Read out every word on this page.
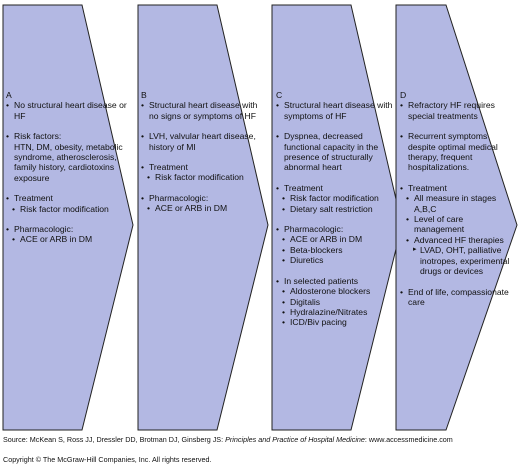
A

• No structural heart disease or HF

• Risk factors:

HTN, DM, obesity, metabolic syndrome, atherosclerosis, family history, cardiotoxins exposure

• Treatment

• Risk factor modification

• Pharmacologic:

• ACE or ARB in DM

B

• Structural heart disease with no signs or symptoms of HF

• LVH, valvular heart disease, history of MI

• Treatment

• Risk factor modification

• Pharmacologic:

• ACE or ARB in DM

C

• Structural heart disease with symptoms of HF

• Dyspnea, decreased functional capacity in the presence of structurally abnormal heart

• Treatment

• Risk factor modification

• Dietary salt restriction

• Pharmacologic:

• ACE or ARB in DM

• Beta-blockers

• Diuretics

• In selected patients

• Aldosterone blockers

• Digitalis

• Hydralazine/Nitrates

• ICD/Biv pacing

D

• Refractory HF requires special treatments

• Recurrent symptoms despite optimal medical therapy, frequent hospitalizations.

• Treatment

• All measure in stages A,B,C

• Level of care management

• Advanced HF therapies

▸ LVAD, OHT, palliative inotropes, experimental drugs or devices

• End of life, compassionate care

Source: McKean S, Ross JJ, Dressler DD, Brotman DJ, Ginsberg JS: Principles and Practice of Hospital Medicine: www.accessmedicine.com
Copyright © The McGraw-Hill Companies, Inc. All rights reserved.
